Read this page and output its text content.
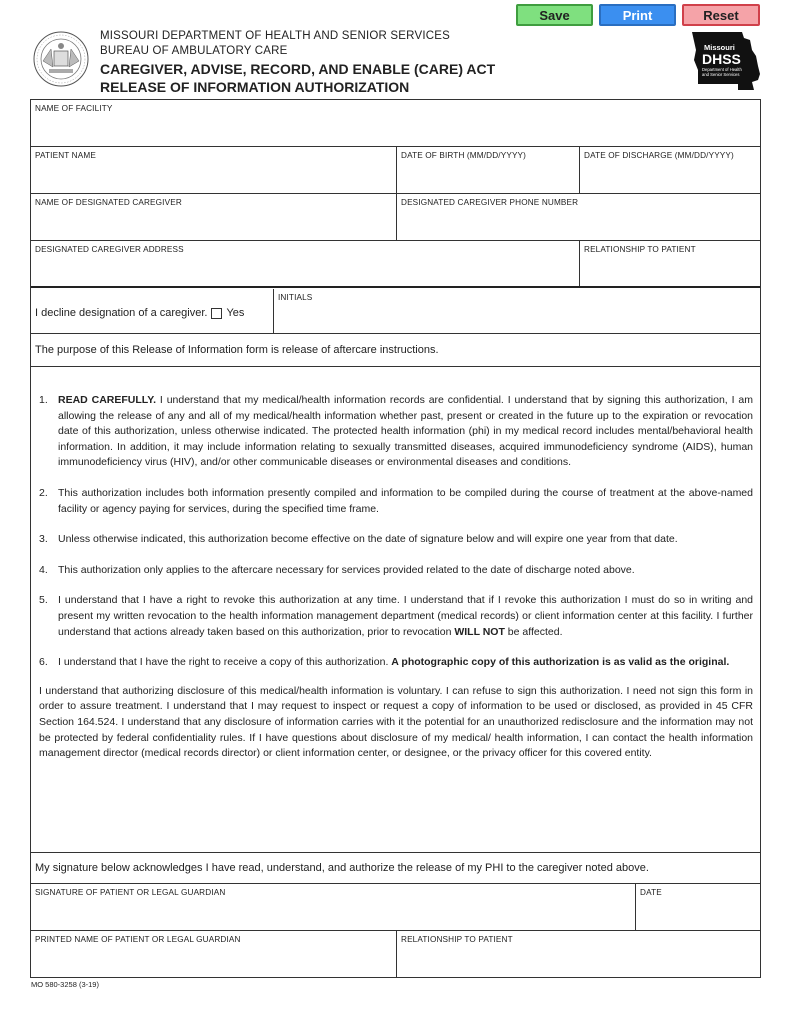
Save	Print	Reset
MISSOURI DEPARTMENT OF HEALTH AND SENIOR SERVICES
BUREAU OF AMBULATORY CARE
CAREGIVER, ADVISE, RECORD, AND ENABLE (CARE) ACT
RELEASE OF INFORMATION AUTHORIZATION
Missouri
DHSS
Department of Health
and Senior Services
NAME OF FACILITY
PATIENT NAME	DATE OF BIRTH (MM/DD/YYYY)	DATE OF DISCHARGE (MM/DD/YYYY)
NAME OF DESIGNATED CAREGIVER	DESIGNATED CAREGIVER PHONE NUMBER
DESIGNATED CAREGIVER ADDRESS	RELATIONSHIP TO PATIENT
I decline designation of a caregiver. Yes
INITIALS
The purpose of this Release of Information form is release of aftercare instructions.
1. READ CAREFULLY. I understand that my medical/health information records are confidential. I understand that by signing this authorization, I am allowing the release of any and all of my medical/health information whether past, present or created in the future up to the expiration or revocation date of this authorization, unless otherwise indicated. The protected health information (phi) in my medical record includes mental/behavioral health information. In addition, it may include information relating to sexually transmitted diseases, acquired immunodeficiency syndrome (AIDS), human immunodeficiency virus (HIV), and/or other communicable diseases or environmental diseases and conditions.
2. This authorization includes both information presently compiled and information to be compiled during the course of treatment at the above-named facility or agency paying for services, during the specified time frame.
3. Unless otherwise indicated, this authorization become effective on the date of signature below and will expire one year from that date.
4. This authorization only applies to the aftercare necessary for services provided related to the date of discharge noted above.
5. I understand that I have a right to revoke this authorization at any time. I understand that if I revoke this authorization I must do so in writing and present my written revocation to the health information management department (medical records) or client information center at this facility. I further understand that actions already taken based on this authorization, prior to revocation WILL NOT be affected.
6. I understand that I have the right to receive a copy of this authorization. A photographic copy of this authorization is as valid as the original.
I understand that authorizing disclosure of this medical/health information is voluntary. I can refuse to sign this authorization. I need not sign this form in order to assure treatment. I understand that I may request to inspect or request a copy of information to be used or disclosed, as provided in 45 CFR Section 164.524. I understand that any disclosure of information carries with it the potential for an unauthorized redisclosure and the information may not be protected by federal confidentiality rules. If I have questions about disclosure of my medical/ health information, I can contact the health information management director (medical records director) or client information center, or designee, or the privacy officer for this covered entity.
My signature below acknowledges I have read, understand, and authorize the release of my PHI to the caregiver noted above.
SIGNATURE OF PATIENT OR LEGAL GUARDIAN	DATE
PRINTED NAME OF PATIENT OR LEGAL GUARDIAN	RELATIONSHIP TO PATIENT
MO 580-3258 (3-19)
